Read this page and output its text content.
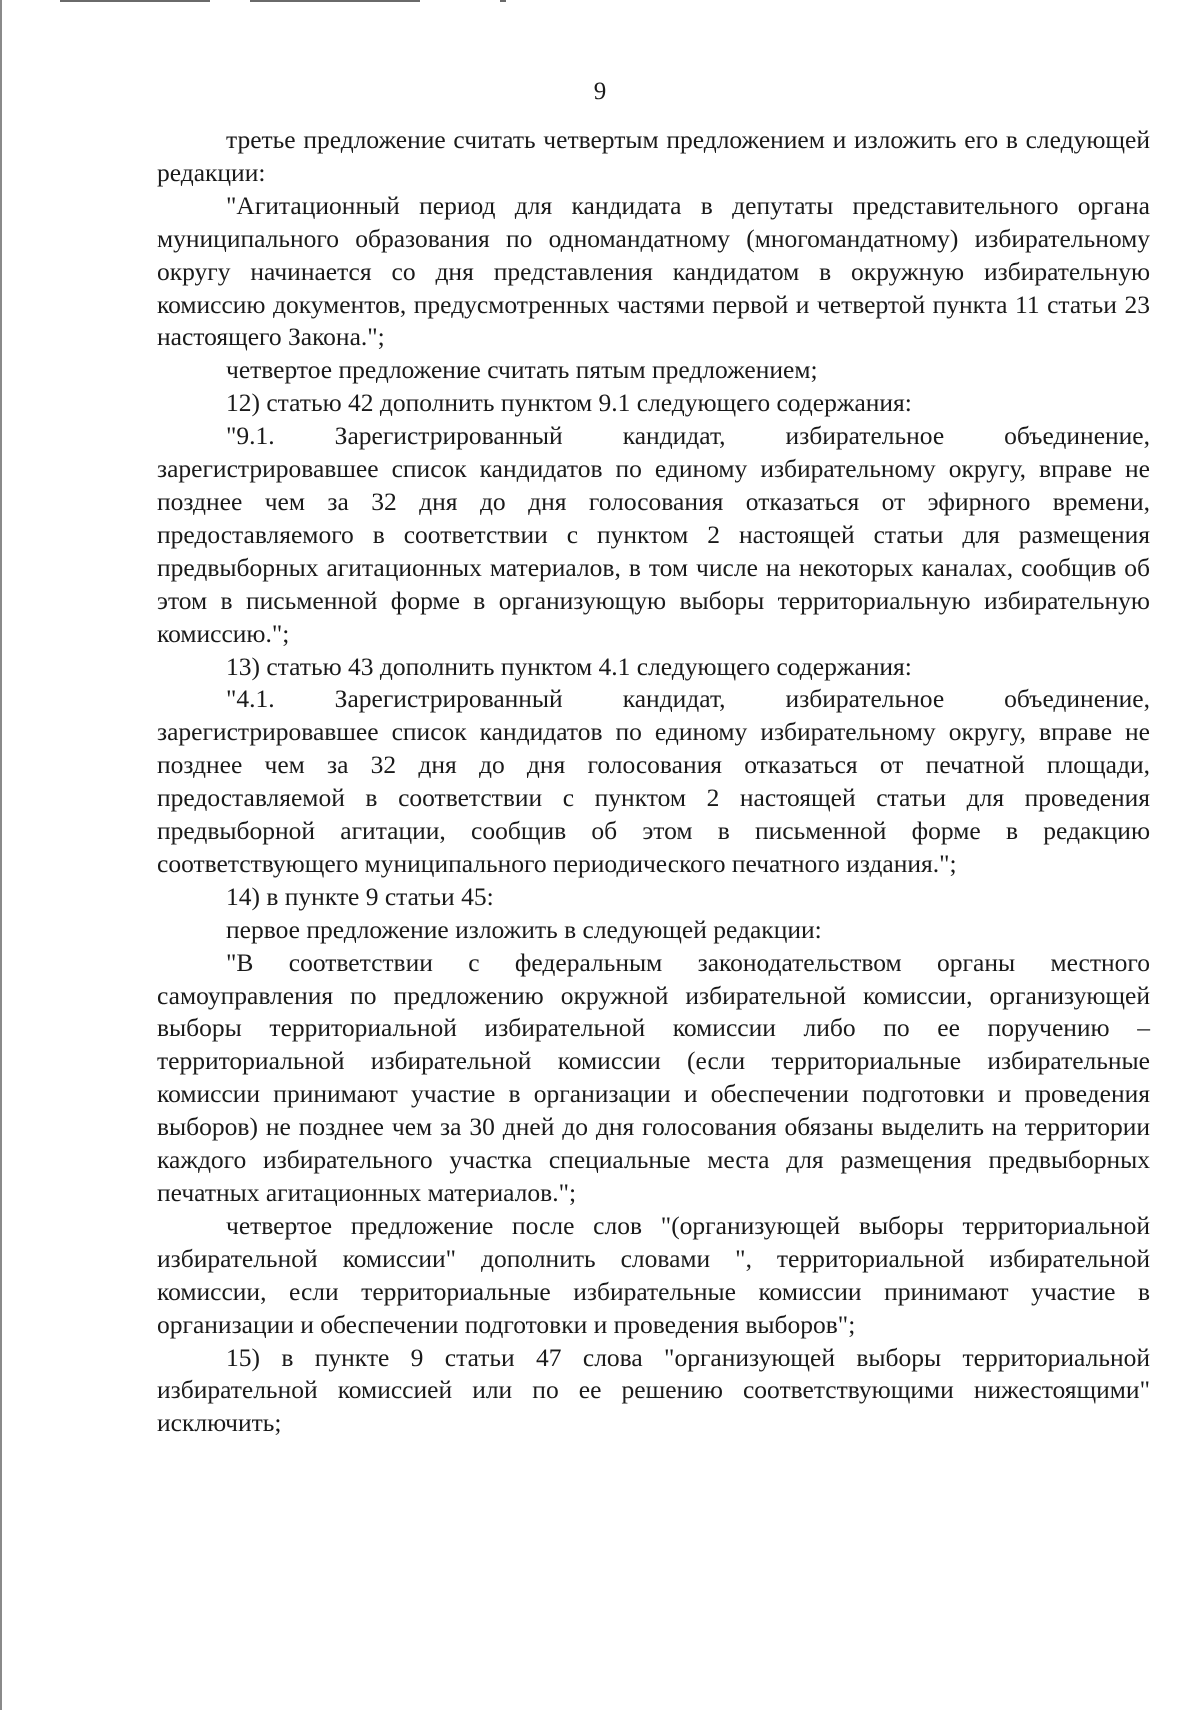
9

третье предложение считать четвертым предложением и изложить его в следующей редакции:

"Агитационный период для кандидата в депутаты представительного органа муниципального образования по одномандатному (многомандатному) избирательному округу начинается со дня представления кандидатом в окружную избирательную комиссию документов, предусмотренных частями первой и четвертой пункта 11 статьи 23 настоящего Закона.";

четвертое предложение считать пятым предложением;

12) статью 42 дополнить пунктом 9.1 следующего содержания:

"9.1. Зарегистрированный кандидат, избирательное объединение, зарегистрировавшее список кандидатов по единому избирательному округу, вправе не позднее чем за 32 дня до дня голосования отказаться от эфирного времени, предоставляемого в соответствии с пунктом 2 настоящей статьи для размещения предвыборных агитационных материалов, в том числе на некоторых каналах, сообщив об этом в письменной форме в организующую выборы территориальную избирательную комиссию.";

13) статью 43 дополнить пунктом 4.1 следующего содержания:

"4.1. Зарегистрированный кандидат, избирательное объединение, зарегистрировавшее список кандидатов по единому избирательному округу, вправе не позднее чем за 32 дня до дня голосования отказаться от печатной площади, предоставляемой в соответствии с пунктом 2 настоящей статьи для проведения предвыборной агитации, сообщив об этом в письменной форме в редакцию соответствующего муниципального периодического печатного издания.";

14) в пункте 9 статьи 45:

первое предложение изложить в следующей редакции:

"В соответствии с федеральным законодательством органы местного самоуправления по предложению окружной избирательной комиссии, организующей выборы территориальной избирательной комиссии либо по ее поручению – территориальной избирательной комиссии (если территориальные избирательные комиссии принимают участие в организации и обеспечении подготовки и проведения выборов) не позднее чем за 30 дней до дня голосования обязаны выделить на территории каждого избирательного участка специальные места для размещения предвыборных печатных агитационных материалов.";

четвертое предложение после слов "(организующей выборы территориальной избирательной комиссии" дополнить словами ", территориальной избирательной комиссии, если территориальные избирательные комиссии принимают участие в организации и обеспечении подготовки и проведения выборов";

15) в пункте 9 статьи 47 слова "организующей выборы территориальной избирательной комиссией или по ее решению соответствующими нижестоящими" исключить;
